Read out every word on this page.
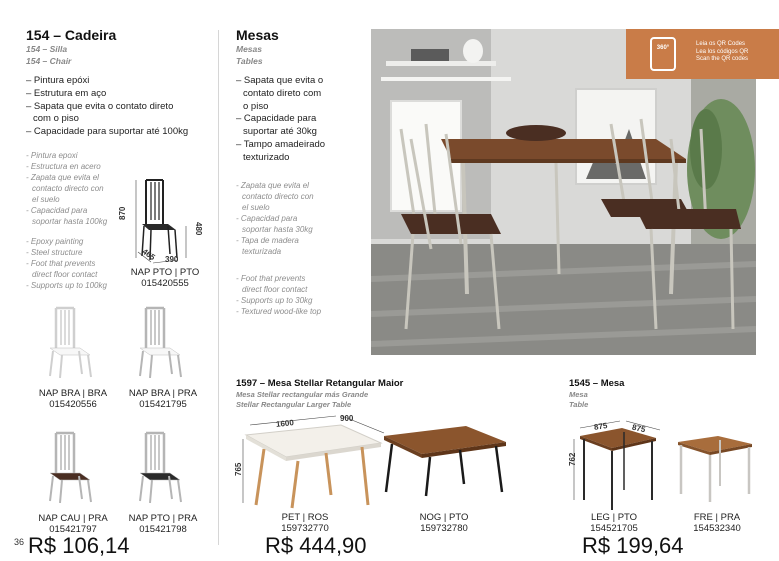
154 – Cadeira
154 – Silla
154 – Chair
– Pintura epóxi
– Estrutura em aço
– Sapata que evita o contato direto
com o piso
– Capacidade para suportar até 100kg
- Pintura epoxi
- Estructura en acero
- Zapata que evita el
contacto directo con
el suelo
- Capacidad para
soportar hasta 100kg
- Epoxy painting
- Steel structure
- Foot that prevents
direct floor contact
- Supports up to 100kg
870
480
465 390
NAP PTO | PTO
015420555
NAP BRA | BRA
015420556
NAP BRA | PRA
015421795
NAP CAU | PRA
015421797
NAP PTO | PRA
015421798
36 R$ 106,14
Mesas
Mesas
Tables
– Sapata que evita o
contato direto com
o piso
– Capacidade para
suportar até 30kg
– Tampo amadeirado
texturizado
- Zapata que evita el
contacto directo con
el suelo
- Capacidad para
soportar hasta 30kg
- Tapa de madera
texturizada
- Foot that prevents
direct floor contact
- Supports up to 30kg
- Textured wood-like top
360°
Leia os QR Codes
Lea los códigos QR
Scan the QR codes
1597 – Mesa Stellar Retangular Maior
Mesa Stellar rectangular más Grande
Stellar Rectangular Larger Table
1600	900
765
PET | ROS
159732770
NOG | PTO
159732780
R$ 444,90
1545 – Mesa
Mesa
Table
875	875
762
LEG | PTO
154521705
FRE | PRA
154532340
R$ 199,64
